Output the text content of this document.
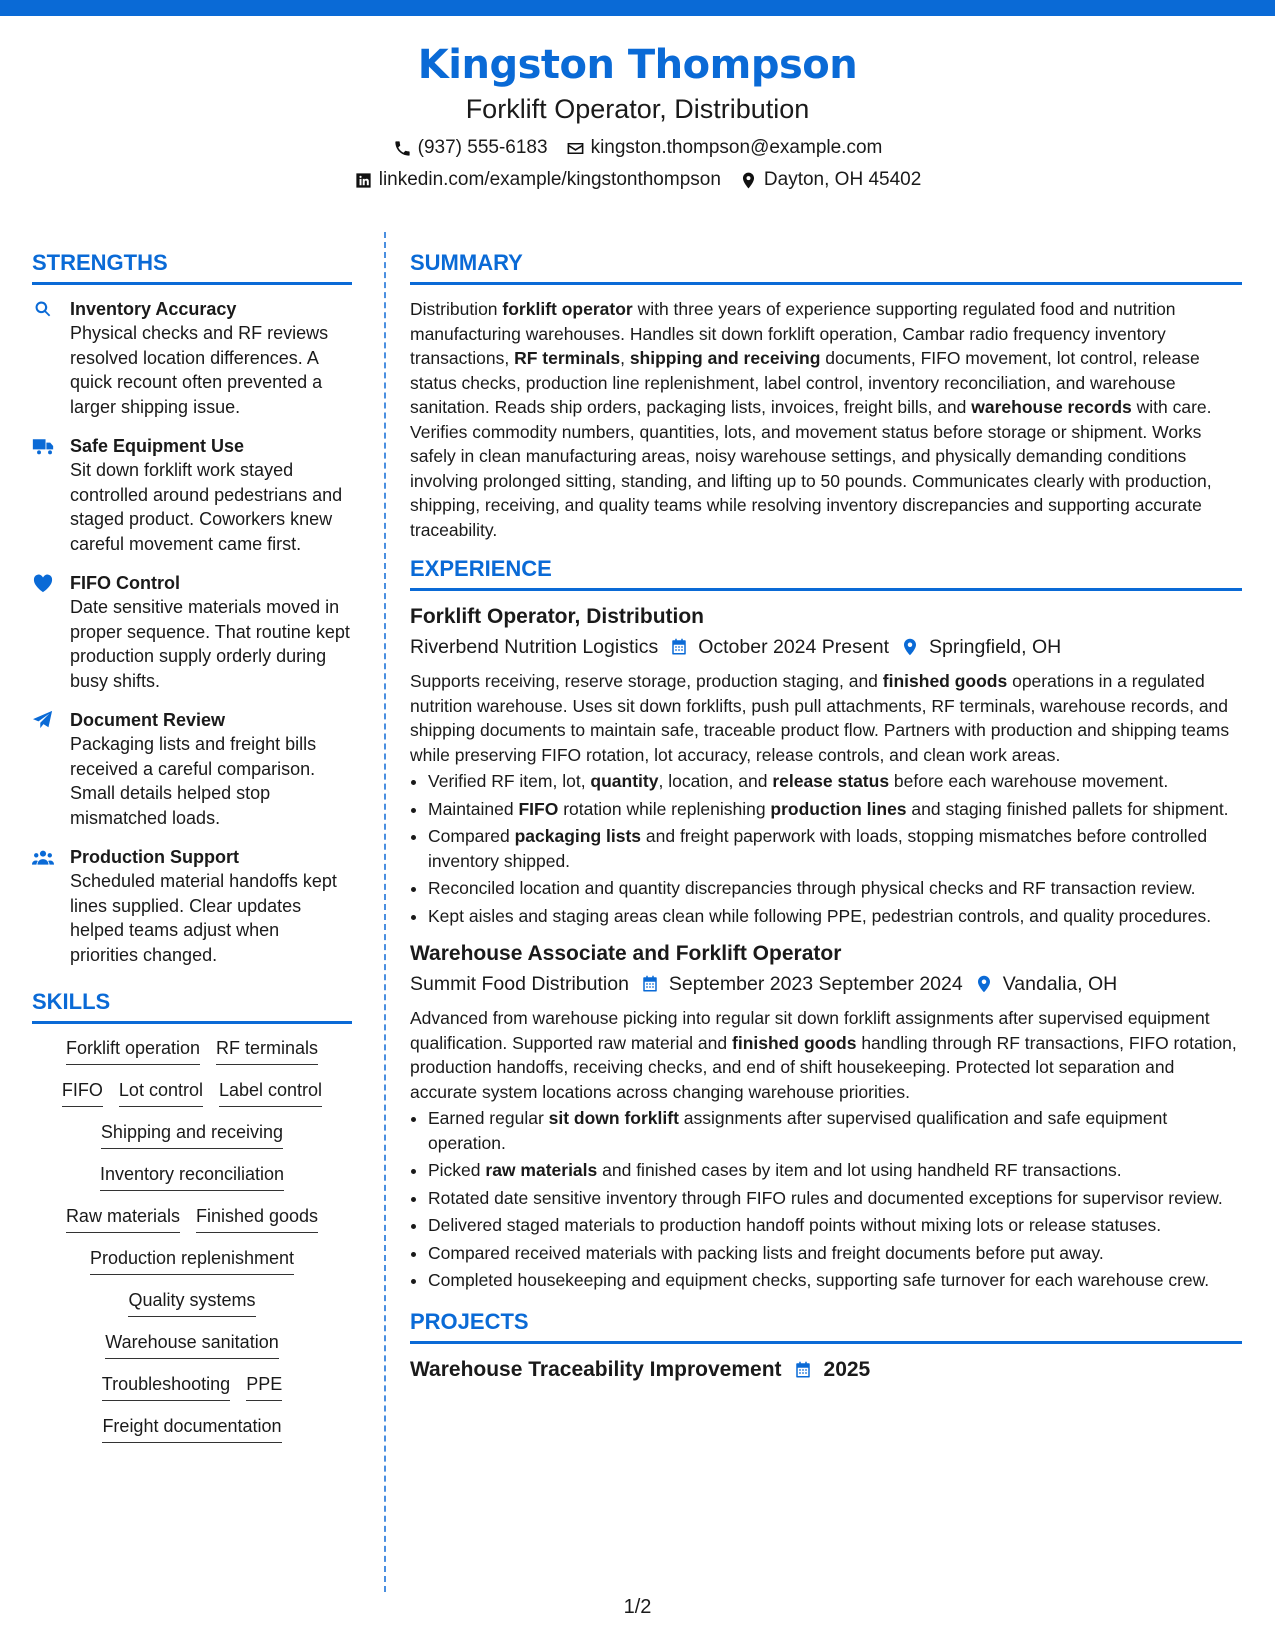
Kingston Thompson
Forklift Operator, Distribution
(937) 555-6183 kingston.thompson@example.com
linkedin.com/example/kingstonthompson Dayton, OH 45402
STRENGTHS
Inventory Accuracy
Physical checks and RF reviews resolved location differences. A quick recount often prevented a larger shipping issue.
Safe Equipment Use
Sit down forklift work stayed controlled around pedestrians and staged product. Coworkers knew careful movement came first.
FIFO Control
Date sensitive materials moved in proper sequence. That routine kept production supply orderly during busy shifts.
Document Review
Packaging lists and freight bills received a careful comparison. Small details helped stop mismatched loads.
Production Support
Scheduled material handoffs kept lines supplied. Clear updates helped teams adjust when priorities changed.
SKILLS
Forklift operation RF terminals
FIFO Lot control Label control
Shipping and receiving
Inventory reconciliation
Raw materials Finished goods
Production replenishment
Quality systems
Warehouse sanitation
Troubleshooting PPE
Freight documentation
SUMMARY
Distribution forklift operator with three years of experience supporting regulated food and nutrition manufacturing warehouses. Handles sit down forklift operation, Cambar radio frequency inventory transactions, RF terminals, shipping and receiving documents, FIFO movement, lot control, release status checks, production line replenishment, label control, inventory reconciliation, and warehouse sanitation. Reads ship orders, packaging lists, invoices, freight bills, and warehouse records with care. Verifies commodity numbers, quantities, lots, and movement status before storage or shipment. Works safely in clean manufacturing areas, noisy warehouse settings, and physically demanding conditions involving prolonged sitting, standing, and lifting up to 50 pounds. Communicates clearly with production, shipping, receiving, and quality teams while resolving inventory discrepancies and supporting accurate traceability.
EXPERIENCE
Forklift Operator, Distribution
Riverbend Nutrition Logistics October 2024 Present Springfield, OH
Supports receiving, reserve storage, production staging, and finished goods operations in a regulated nutrition warehouse. Uses sit down forklifts, push pull attachments, RF terminals, warehouse records, and shipping documents to maintain safe, traceable product flow. Partners with production and shipping teams while preserving FIFO rotation, lot accuracy, release controls, and clean work areas.
• Verified RF item, lot, quantity, location, and release status before each warehouse movement.
• Maintained FIFO rotation while replenishing production lines and staging finished pallets for shipment.
• Compared packaging lists and freight paperwork with loads, stopping mismatches before controlled inventory shipped.
• Reconciled location and quantity discrepancies through physical checks and RF transaction review.
• Kept aisles and staging areas clean while following PPE, pedestrian controls, and quality procedures.
Warehouse Associate and Forklift Operator
Summit Food Distribution September 2023 September 2024 Vandalia, OH
Advanced from warehouse picking into regular sit down forklift assignments after supervised equipment qualification. Supported raw material and finished goods handling through RF transactions, FIFO rotation, production handoffs, receiving checks, and end of shift housekeeping. Protected lot separation and accurate system locations across changing warehouse priorities.
• Earned regular sit down forklift assignments after supervised qualification and safe equipment operation.
• Picked raw materials and finished cases by item and lot using handheld RF transactions.
• Rotated date sensitive inventory through FIFO rules and documented exceptions for supervisor review.
• Delivered staged materials to production handoff points without mixing lots or release statuses.
• Compared received materials with packing lists and freight documents before put away.
• Completed housekeeping and equipment checks, supporting safe turnover for each warehouse crew.
PROJECTS
Warehouse Traceability Improvement 2025
1/2
